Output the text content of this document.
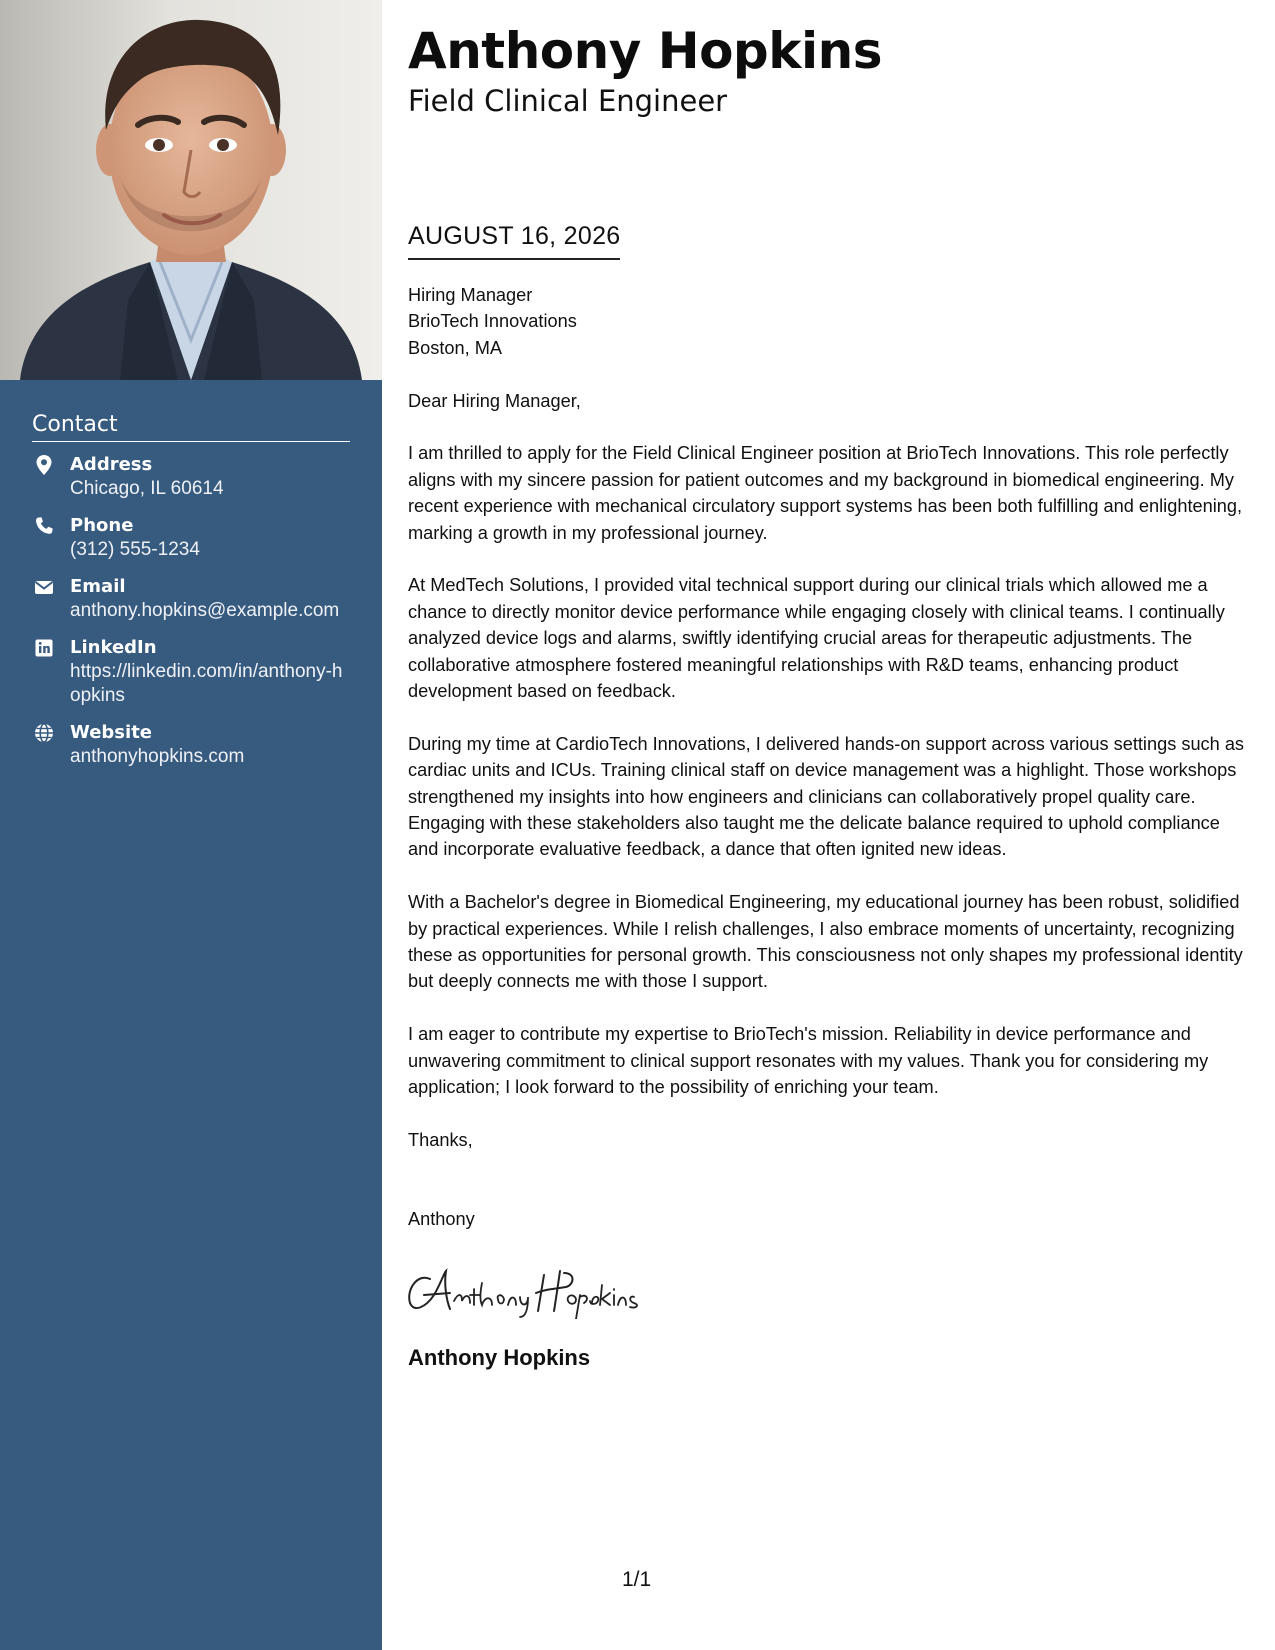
Contact
Address
Chicago, IL 60614
Phone
(312) 555-1234
Email
anthony.hopkins@example.com
LinkedIn
https://linkedin.com/in/anthony-hopkins
Website
anthonyhopkins.com
Anthony Hopkins
Field Clinical Engineer
AUGUST 16, 2026

Hiring Manager
BrioTech Innovations
Boston, MA

Dear Hiring Manager,

I am thrilled to apply for the Field Clinical Engineer position at BrioTech Innovations. This role perfectly aligns with my sincere passion for patient outcomes and my background in biomedical engineering. My recent experience with mechanical circulatory support systems has been both fulfilling and enlightening, marking a growth in my professional journey.

At MedTech Solutions, I provided vital technical support during our clinical trials which allowed me a chance to directly monitor device performance while engaging closely with clinical teams. I continually analyzed device logs and alarms, swiftly identifying crucial areas for therapeutic adjustments. The collaborative atmosphere fostered meaningful relationships with R&D teams, enhancing product development based on feedback.

During my time at CardioTech Innovations, I delivered hands-on support across various settings such as cardiac units and ICUs. Training clinical staff on device management was a highlight. Those workshops strengthened my insights into how engineers and clinicians can collaboratively propel quality care. Engaging with these stakeholders also taught me the delicate balance required to uphold compliance and incorporate evaluative feedback, a dance that often ignited new ideas.

With a Bachelor's degree in Biomedical Engineering, my educational journey has been robust, solidified by practical experiences. While I relish challenges, I also embrace moments of uncertainty, recognizing these as opportunities for personal growth. This consciousness not only shapes my professional identity but deeply connects me with those I support.

I am eager to contribute my expertise to BrioTech's mission. Reliability in device performance and unwavering commitment to clinical support resonates with my values. Thank you for considering my application; I look forward to the possibility of enriching your team.

Thanks,

Anthony

Anthony Hopkins
1/1
